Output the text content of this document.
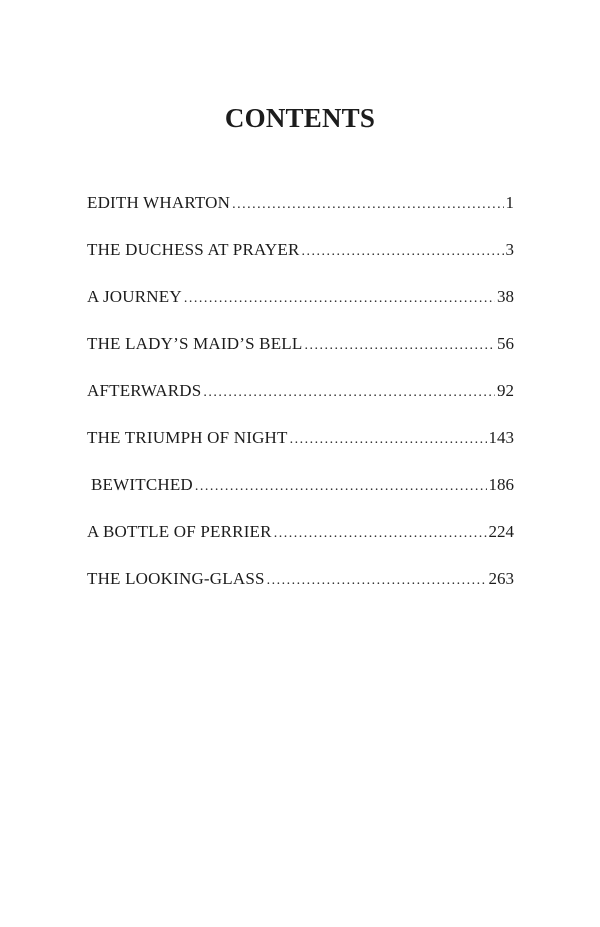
CONTENTS
EDITH WHARTON .....	1
THE DUCHESS AT PRAYER .....	3
A JOURNEY .....	38
THE LADY’S MAID’S BELL .....	56
AFTERWARDS .....	92
THE TRIUMPH OF NIGHT .....	143
BEWITCHED .....	186
A BOTTLE OF PERRIER .....	224
THE LOOKING-GLASS .....	263
